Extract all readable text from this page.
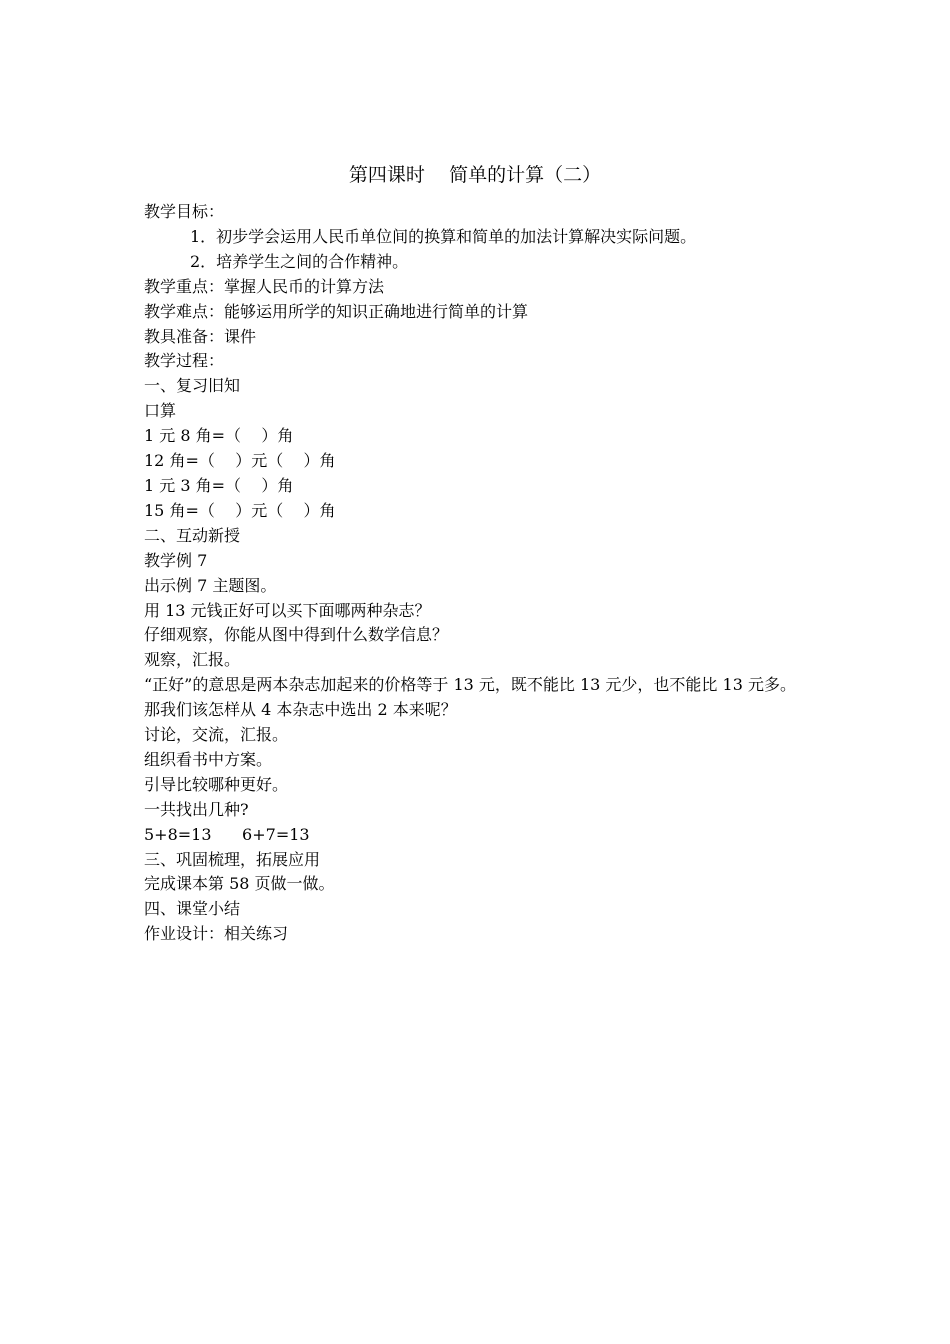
第四课时    简单的计算（二）

教学目标：

1．初步学会运用人民币单位间的换算和简单的加法计算解决实际问题。

2．培养学生之间的合作精神。

教学重点：掌握人民币的计算方法

教学难点：能够运用所学的知识正确地进行简单的计算

教具准备：课件

教学过程：

一、复习旧知

口算

1 元 8 角=（    ）角

12 角=（    ）元（    ）角

1 元 3 角=（    ）角

15 角=（    ）元（    ）角

二、互动新授

教学例 7

出示例 7 主题图。

用 13 元钱正好可以买下面哪两种杂志？

仔细观察，你能从图中得到什么数学信息？

观察，汇报。

“正好”的意思是两本杂志加起来的价格等于 13 元，既不能比 13 元少，也不能比 13 元多。

那我们该怎样从 4 本杂志中选出 2 本来呢？

讨论，交流，汇报。

组织看书中方案。

引导比较哪种更好。

一共找出几种?

5+8=13      6+7=13

三、巩固梳理，拓展应用

完成课本第 58 页做一做。

四、课堂小结

作业设计：相关练习
